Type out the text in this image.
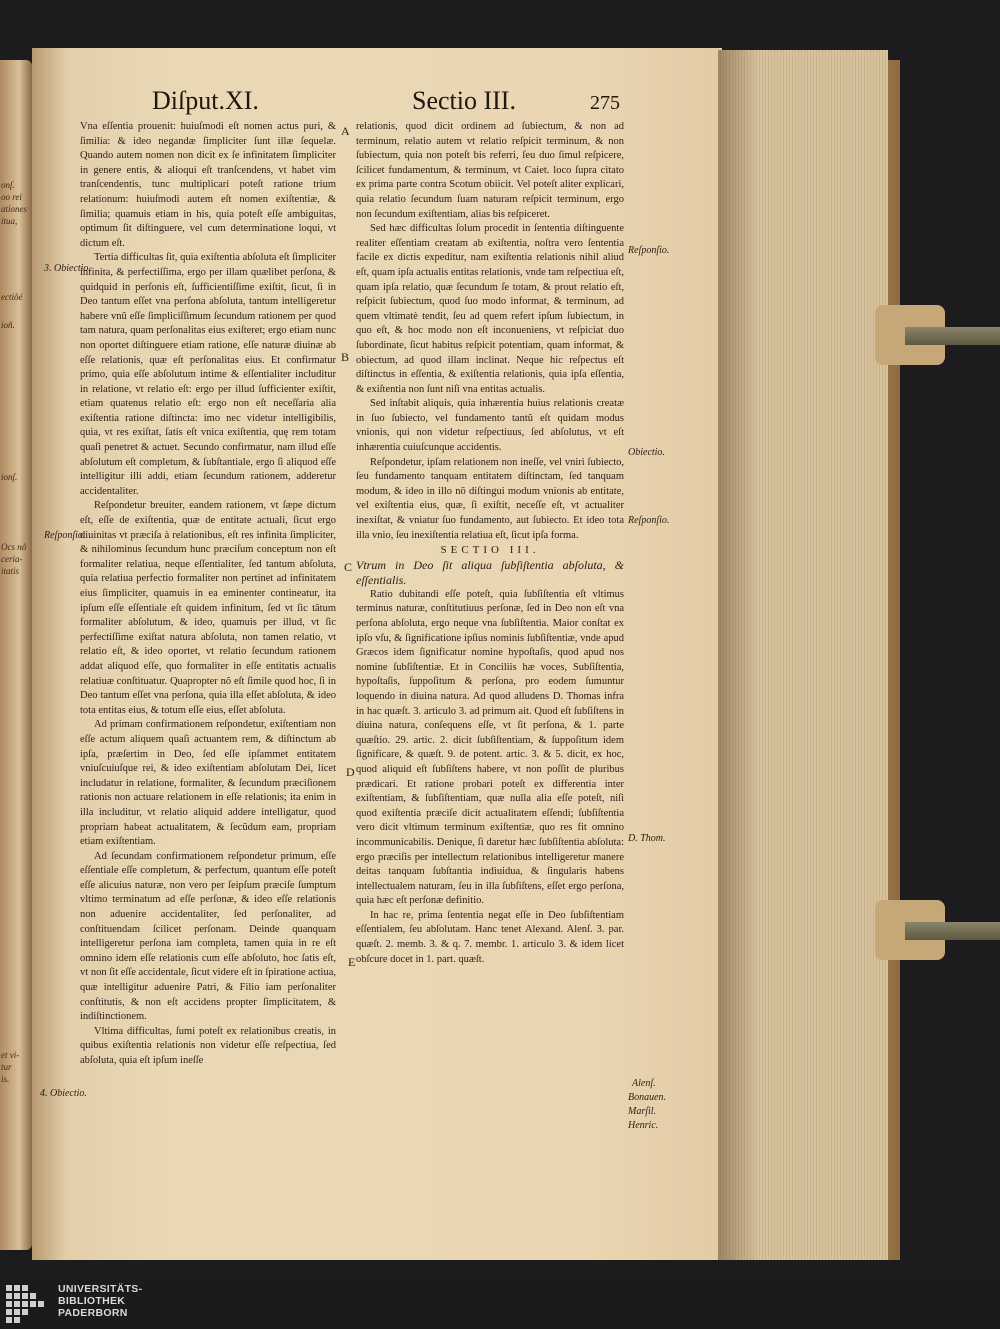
onſ.
oo rei
ationes
itua,
ectiõé
ioñ.
ionſ.
Ocs nõ
ceria-
itatis
et vi-
tur
is.
Diſput.XI.	Sectio III.	275

Vna eſſentia prouenit: huiuſmodi eſt nomen actus puri, & ſimilia: & ideo negandæ ſimpliciter ſunt illæ ſequelæ. Quando autem nomen non dicit ex ſe infinitatem ſimpliciter in genere entis, & alioqui eſt tranſcendens, vt habet vim tranſcendentis, tunc multiplicari poteſt ratione trium relationum: huiuſmodi autem eſt nomen exiſtentiæ, & ſimilia; quamuis etiam in his, quia poteſt eſſe ambiguitas, optimum ſit diſtinguere, vel cum determinatione loqui, vt dictum eſt.

Tertia difficultas ſit, quia exiſtentia abſoluta eſt ſimpliciter infinita, & perfectiſſima, ergo per illam quælibet perſona, & quidquid in perſonis eſt, ſufficientiſſime exiſtit, ſicut, ſi in Deo tantum eſſet vna perſona abſoluta, tantum intelligeretur habere vnũ eſſe ſimpliciſſimum ſecundum rationem per quod tam natura, quam perſonalitas eius exiſteret; ergo etiam nunc non oportet diſtinguere etiam ratione, eſſe naturæ diuinæ ab eſſe relationis, quæ eſt perſonalitas eius. Et confirmatur primo, quia eſſe abſolutum intime & eſſentialiter includitur in relatione, vt relatio eſt: ergo per illud ſufficienter exiſtit, etiam quatenus relatio eſt: ergo non eſt neceſſaria alia exiſtentia ratione diſtincta: imo nec videtur intelligibilis, quia, vt res exiſtat, ſatis eſt vnica exiſtentia, quę rem totam quaſi penetret & actuet. Secundo confirmatur, nam illud eſſe abſolutum eſt completum, & ſubſtantiale, ergo ſi aliquod eſſe intelligitur illi addi, etiam ſecundum rationem, adderetur accidentaliter.

Reſpondetur breuiter, eandem rationem, vt ſæpe dictum eſt, eſſe de exiſtentia, quæ de entitate actuali, ſicut ergo diuinitas vt præciſa à relationibus, eſt res infinita ſimpliciter, & nihilominus ſecundum hunc præciſum conceptum non eſt formaliter relatiua, neque eſſentialiter, ſed tantum abſoluta, quia relatiua perfectio formaliter non pertinet ad infinitatem eius ſimpliciter, quamuis in ea eminenter contineatur, ita ipſum eſſe eſſentiale eſt quidem infinitum, ſed vt ſic tãtum formaliter abſolutum, & ideo, quamuis per illud, vt ſic perfectiſſime exiſtat natura abſoluta, non tamen relatio, vt relatio eſt, & ideo oportet, vt relatio ſecundum rationem addat aliquod eſſe, quo formaliter in eſſe entitatis actualis relatiuæ conſtituatur. Quapropter nõ eſt ſimile quod hoc, ſi in Deo tantum eſſet vna perſona, quia illa eſſet abſoluta, & ideo tota entitas eius, & totum eſſe eius, eſſet abſoluta.

Ad primam confirmationem reſpondetur, exiſtentiam non eſſe actum aliquem quaſi actuantem rem, & diſtinctum ab ipſa, præſertim in Deo, ſed eſſe ipſammet entitatem vniuſcuiuſque rei, & ideo exiſtentiam abſolutam Dei, licet includatur in relatione, formaliter, & ſecundum præciſionem rationis non actuare relationem in eſſe relationis; ita enim in illa includitur, vt relatio aliquid addere intelligatur, quod propriam habeat actualitatem, & ſecũdum eam, propriam etiam exiſtentiam.

Ad ſecundam confirmationem reſpondetur primum, eſſe eſſentiale eſſe completum, & perfectum, quantum eſſe poteſt eſſe alicuius naturæ, non vero per ſeipſum præciſe ſumptum vltimo terminatum ad eſſe perſonæ, & ideo eſſe relationis non aduenire accidentaliter, ſed perſonaliter, ad conſtituendam ſcilicet perſonam. Deinde quanquam intelligeretur perſona iam completa, tamen quia in re eſt omnino idem eſſe relationis cum eſſe abſoluto, hoc ſatis eſt, vt non ſit eſſe accidentale, ſicut videre eſt in ſpiratione actiua, quæ intelligitur aduenire Patri, & Filio iam perſonaliter conſtitutis, & non eſt accidens propter ſimplicitatem, & indiſtinctionem.

Vltima difficultas, ſumi poteſt ex relationibus creatis, in quibus exiſtentia relationis non videtur eſſe reſpectiua, ſed abſoluta, quia eſt ipſum ineſſe

relationis, quod dicit ordinem ad ſubiectum, & non ad terminum, relatio autem vt relatio reſpicit terminum, & non ſubiectum, quia non poteſt bis referri, ſeu duo ſimul reſpicere, ſcilicet fundamentum, & terminum, vt Caiet. loco ſupra citato ex prima parte contra Scotum obiicit. Vel poteſt aliter explicari, quia relatio ſecundum ſuam naturam reſpicit terminum, ergo non ſecundum exiſtentiam, alias bis reſpiceret.

Sed hæc difficultas ſolum procedit in ſententia diſtinguente realiter eſſentiam creatam ab exiſtentia, noſtra vero ſententia facile ex dictis expeditur, nam exiſtentia relationis nihil aliud eſt, quam ipſa actualis entitas relationis, vnde tam reſpectiua eſt, quam ipſa relatio, quæ ſecundum ſe totam, & prout relatio eſt, reſpicit ſubiectum, quod ſuo modo informat, & terminum, ad quem vltimatè tendit, ſeu ad quem refert ipſum ſubiectum, in quo eſt, & hoc modo non eſt inconueniens, vt reſpiciat duo ſubordinate, ſicut habitus reſpicit potentiam, quam informat, & obiectum, ad quod illam inclinat. Neque hic reſpectus eſt diſtinctus in eſſentia, & exiſtentia relationis, quia ipſa eſſentia, & exiſtentia non ſunt niſi vna entitas actualis.

Sed inſtabit aliquis, quia inhærentia huius relationis creatæ in ſuo ſubiecto, vel fundamento tantũ eſt quidam modus vnionis, qui non videtur reſpectiuus, ſed abſolutus, vt eſt inhærentia cuiuſcunque accidentis.

Reſpondetur, ipſam relationem non ineſſe, vel vniri ſubiecto, ſeu fundamento tanquam entitatem diſtinctam, ſed tanquam modum, & ideo in illo nõ diſtingui modum vnionis ab entitate, vel exiſtentia eius, quæ, ſi exiſtit, neceſſe eſt, vt actualiter inexiſtat, & vniatur ſuo fundamento, aut ſubiecto. Et ideo tota illa vnio, ſeu inexiſtentia relatiua eſt, ſicut ipſa forma.

SECTIO III.

Vtrum in Deo ſit aliqua ſubſiſtentia abſoluta, & eſſentialis.

Ratio dubitandi eſſe poteſt, quia ſubſiſtentia eſt vltimus terminus naturæ, conſtitutiuus perſonæ, ſed in Deo non eſt vna perſona abſoluta, ergo neque vna ſubſiſtentia. Maior conſtat ex ipſo vſu, & ſignificatione ipſius nominis ſubſiſtentiæ, vnde apud Græcos idem ſignificatur nomine hypoſtaſis, quod apud nos nomine ſubſiſtentiæ. Et in Conciliis hæ voces, Subſiſtentia, hypoſtaſis, ſuppoſitum & perſona, pro eodem ſumuntur loquendo in diuina natura. Ad quod alludens D. Thomas infra in hac quæſt. 3. articulo 3. ad primum ait. Quod eſt ſubſiſtens in diuina natura, conſequens eſſe, vt ſit perſona, & 1. parte quæſtio. 29. artic. 2. dicit ſubſiſtentiam, & ſuppoſitum idem ſignificare, & quæſt. 9. de potent. artic. 3. & 5. dicit, ex hoc, quod aliquid eſt ſubſiſtens habere, vt non poſſit de pluribus prædicari. Et ratione probari poteſt ex differentia inter exiſtentiam, & ſubſiſtentiam, quæ nulla alia eſſe poteſt, niſi quod exiſtentia præciſe dicit actualitatem eſſendi; ſubſiſtentia vero dicit vltimum terminum exiſtentiæ, quo res fit omnino incommunicabilis. Denique, ſi daretur hæc ſubſiſtentia abſoluta: ergo præciſis per intellectum relationibus intelligeretur manere deitas tanquam ſubſtantia indiuidua, & ſingularis habens intellectualem naturam, ſeu in illa ſubſiſtens, eſſet ergo perſona, quia hæc eſt perſonæ definitio.

In hac re, prima ſententia negat eſſe in Deo ſubſiſtentiam eſſentialem, ſeu abſolutam. Hanc tenet Alexand. Alenſ. 3. par. quæſt. 2. memb. 3. & q. 7. membr. 1. articulo 3. & idem licet obſcure docet in 1. part. quæſt.

3. Obiectio.
Reſponſio.
4. Obiectio.
Reſponſio.
Obiectio.
Reſponſio.
D. Thom.
Alenſ.
Bonauen.
Marſil.
Henric.
A
B
C
D
E
UNIVERSITÄTS-
BIBLIOTHEK
PADERBORN
